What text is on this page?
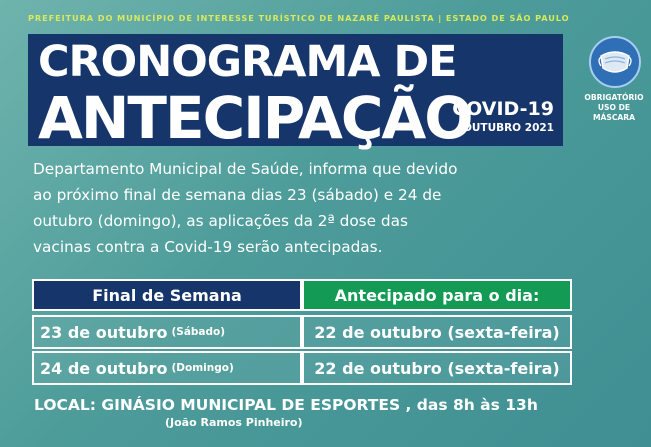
PREFEITURA DO MUNICÍPIO DE INTERESSE TURÍSTICO DE NAZARÉ PAULISTA | ESTADO DE SÃO PAULO
CRONOGRAMA DE
ANTECIPAÇÃO
COVID-19
OUTUBRO 2021
OBRIGATÓRIO
USO DE
MÁSCARA
Departamento Municipal de Saúde, informa que devido
ao próximo final de semana dias 23 (sábado) e 24 de
outubro (domingo), as aplicações da 2ª dose das
vacinas contra a Covid-19 serão antecipadas.
Final de Semana	Antecipado para o dia:
23 de outubro (Sábado)	22 de outubro (sexta-feira)
24 de outubro (Domingo)	22 de outubro (sexta-feira)
LOCAL: GINÁSIO MUNICIPAL DE ESPORTES , das 8h às 13h
(João Ramos Pinheiro)
